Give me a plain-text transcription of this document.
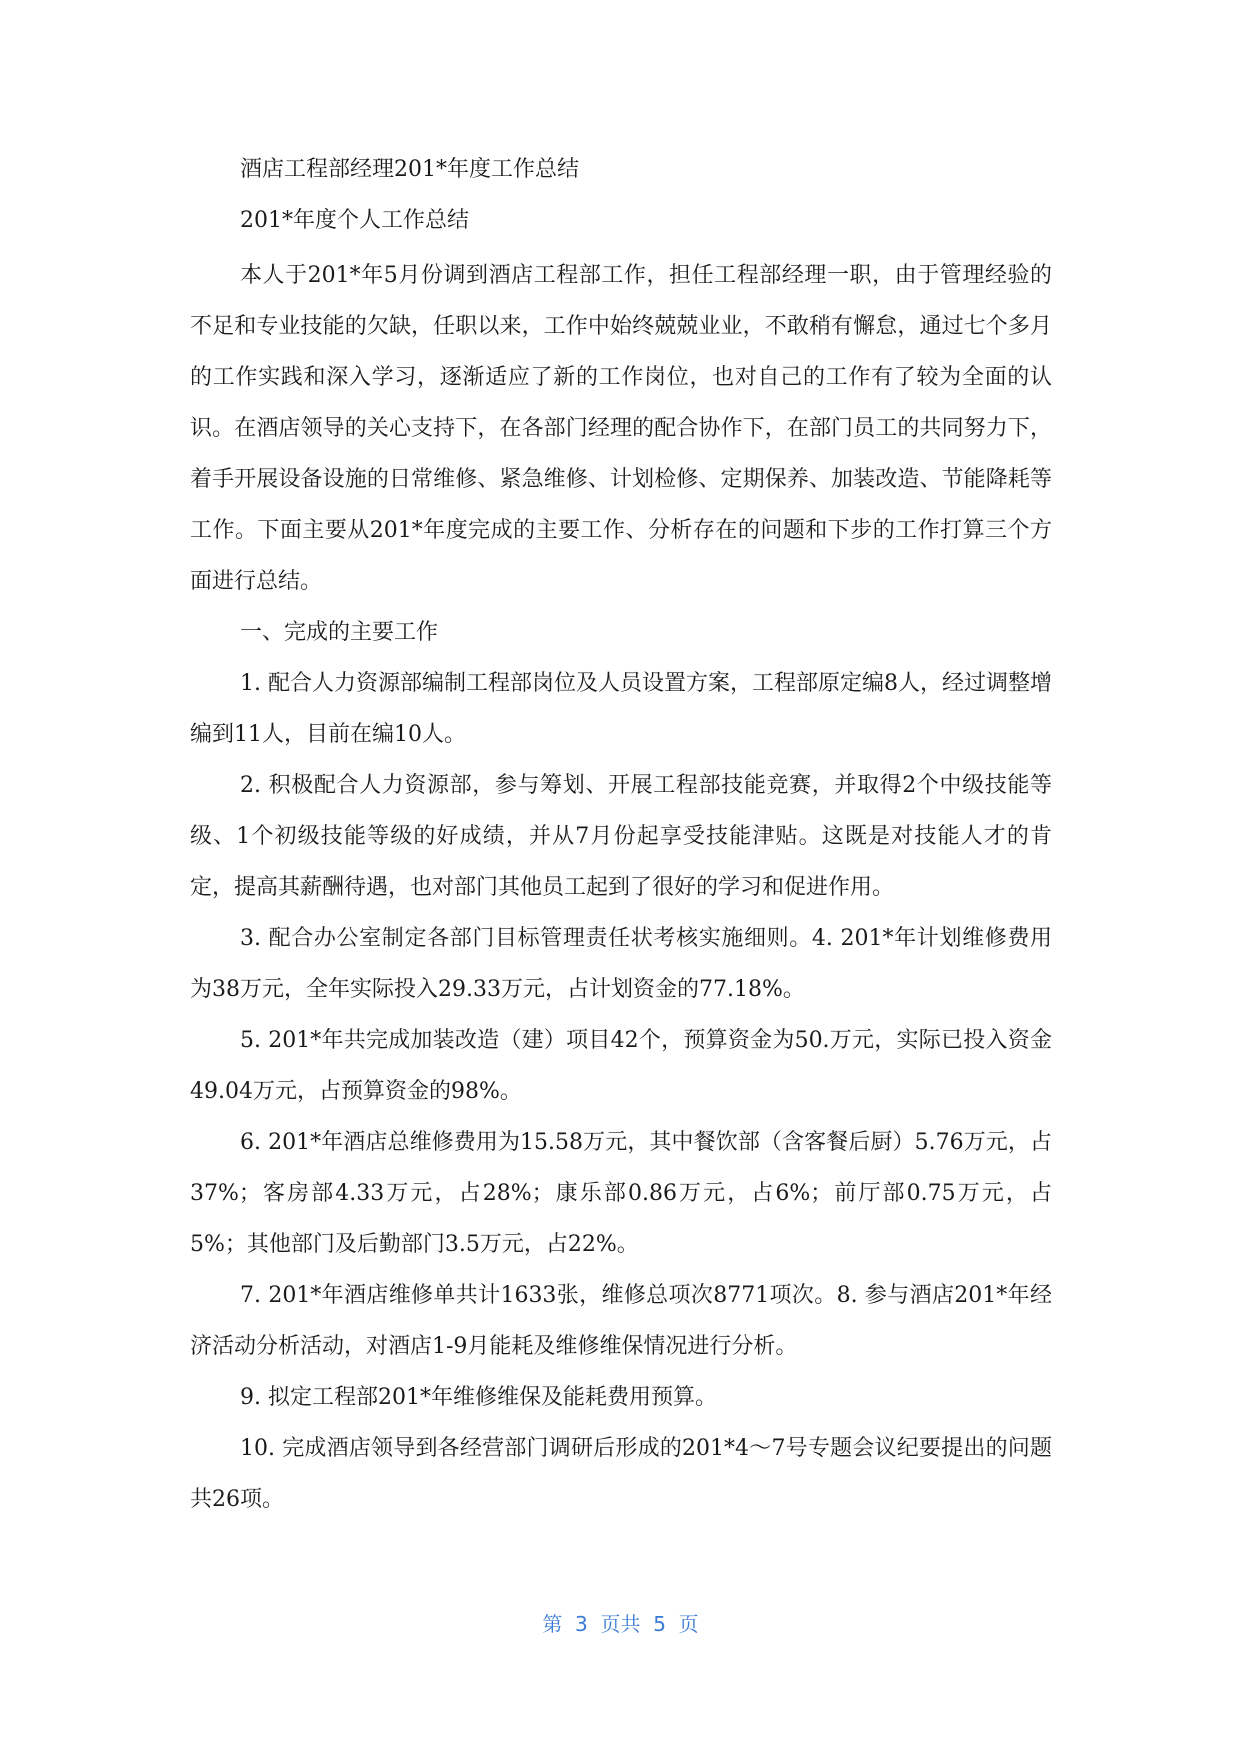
酒店工程部经理201*年度工作总结
201*年度个人工作总结

本人于201*年5月份调到酒店工程部工作，担任工程部经理一职，由于管理经验的不足和专业技能的欠缺，任职以来，工作中始终兢兢业业，不敢稍有懈怠，通过七个多月的工作实践和深入学习，逐渐适应了新的工作岗位，也对自己的工作有了较为全面的认识。在酒店领导的关心支持下，在各部门经理的配合协作下，在部门员工的共同努力下，着手开展设备设施的日常维修、紧急维修、计划检修、定期保养、加装改造、节能降耗等工作。下面主要从201*年度完成的主要工作、分析存在的问题和下步的工作打算三个方面进行总结。

一、完成的主要工作

1. 配合人力资源部编制工程部岗位及人员设置方案，工程部原定编8人，经过调整增编到11人，目前在编10人。

2. 积极配合人力资源部，参与筹划、开展工程部技能竞赛，并取得2个中级技能等级、1个初级技能等级的好成绩，并从7月份起享受技能津贴。这既是对技能人才的肯定，提高其薪酬待遇，也对部门其他员工起到了很好的学习和促进作用。

3. 配合办公室制定各部门目标管理责任状考核实施细则。4. 201*年计划维修费用为38万元，全年实际投入29.33万元，占计划资金的77.18%。

5. 201*年共完成加装改造（建）项目42个，预算资金为50.万元，实际已投入资金49.04万元，占预算资金的98%。

6. 201*年酒店总维修费用为15.58万元，其中餐饮部（含客餐后厨）5.76万元，占37%；客房部4.33万元，占28%；康乐部0.86万元，占6%；前厅部0.75万元，占5%；其他部门及后勤部门3.5万元，占22%。

7. 201*年酒店维修单共计1633张，维修总项次8771项次。8. 参与酒店201*年经济活动分析活动，对酒店1-9月能耗及维修维保情况进行分析。

9. 拟定工程部201*年维修维保及能耗费用预算。

10. 完成酒店领导到各经营部门调研后形成的201*4～7号专题会议纪要提出的问题共26项。

第  3  页共  5  页
